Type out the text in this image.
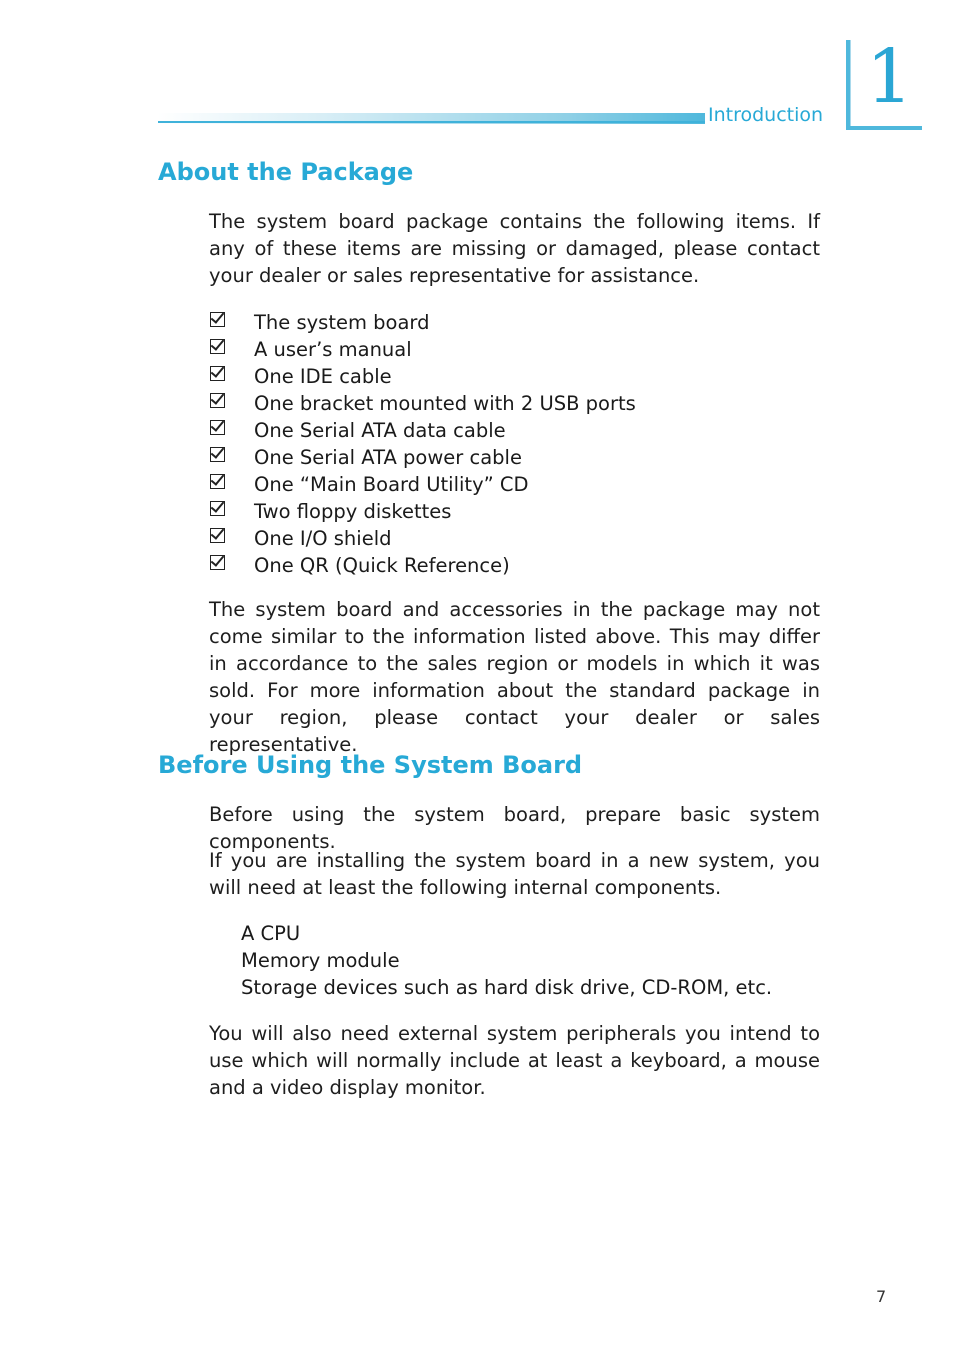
Introduction 1
About the Package

The system board package contains the following items. If any of these items are missing or damaged, please contact your dealer or sales representative for assistance.

The system board
A user’s manual
One IDE cable
One bracket mounted with 2 USB ports
One Serial ATA data cable
One Serial ATA power cable
One “Main Board Utility” CD
Two floppy diskettes
One I/O shield
One QR (Quick Reference)

The system board and accessories in the package may not come similar to the information listed above. This may differ in accordance to the sales region or models in which it was sold. For more information about the standard package in your region, please contact your dealer or sales representative.

Before Using the System Board

Before using the system board, prepare basic system components.

If you are installing the system board in a new system, you will need at least the following internal components.

A CPU
Memory module
Storage devices such as hard disk drive, CD-ROM, etc.

You will also need external system peripherals you intend to use which will normally include at least a keyboard, a mouse and a video display monitor.

7
